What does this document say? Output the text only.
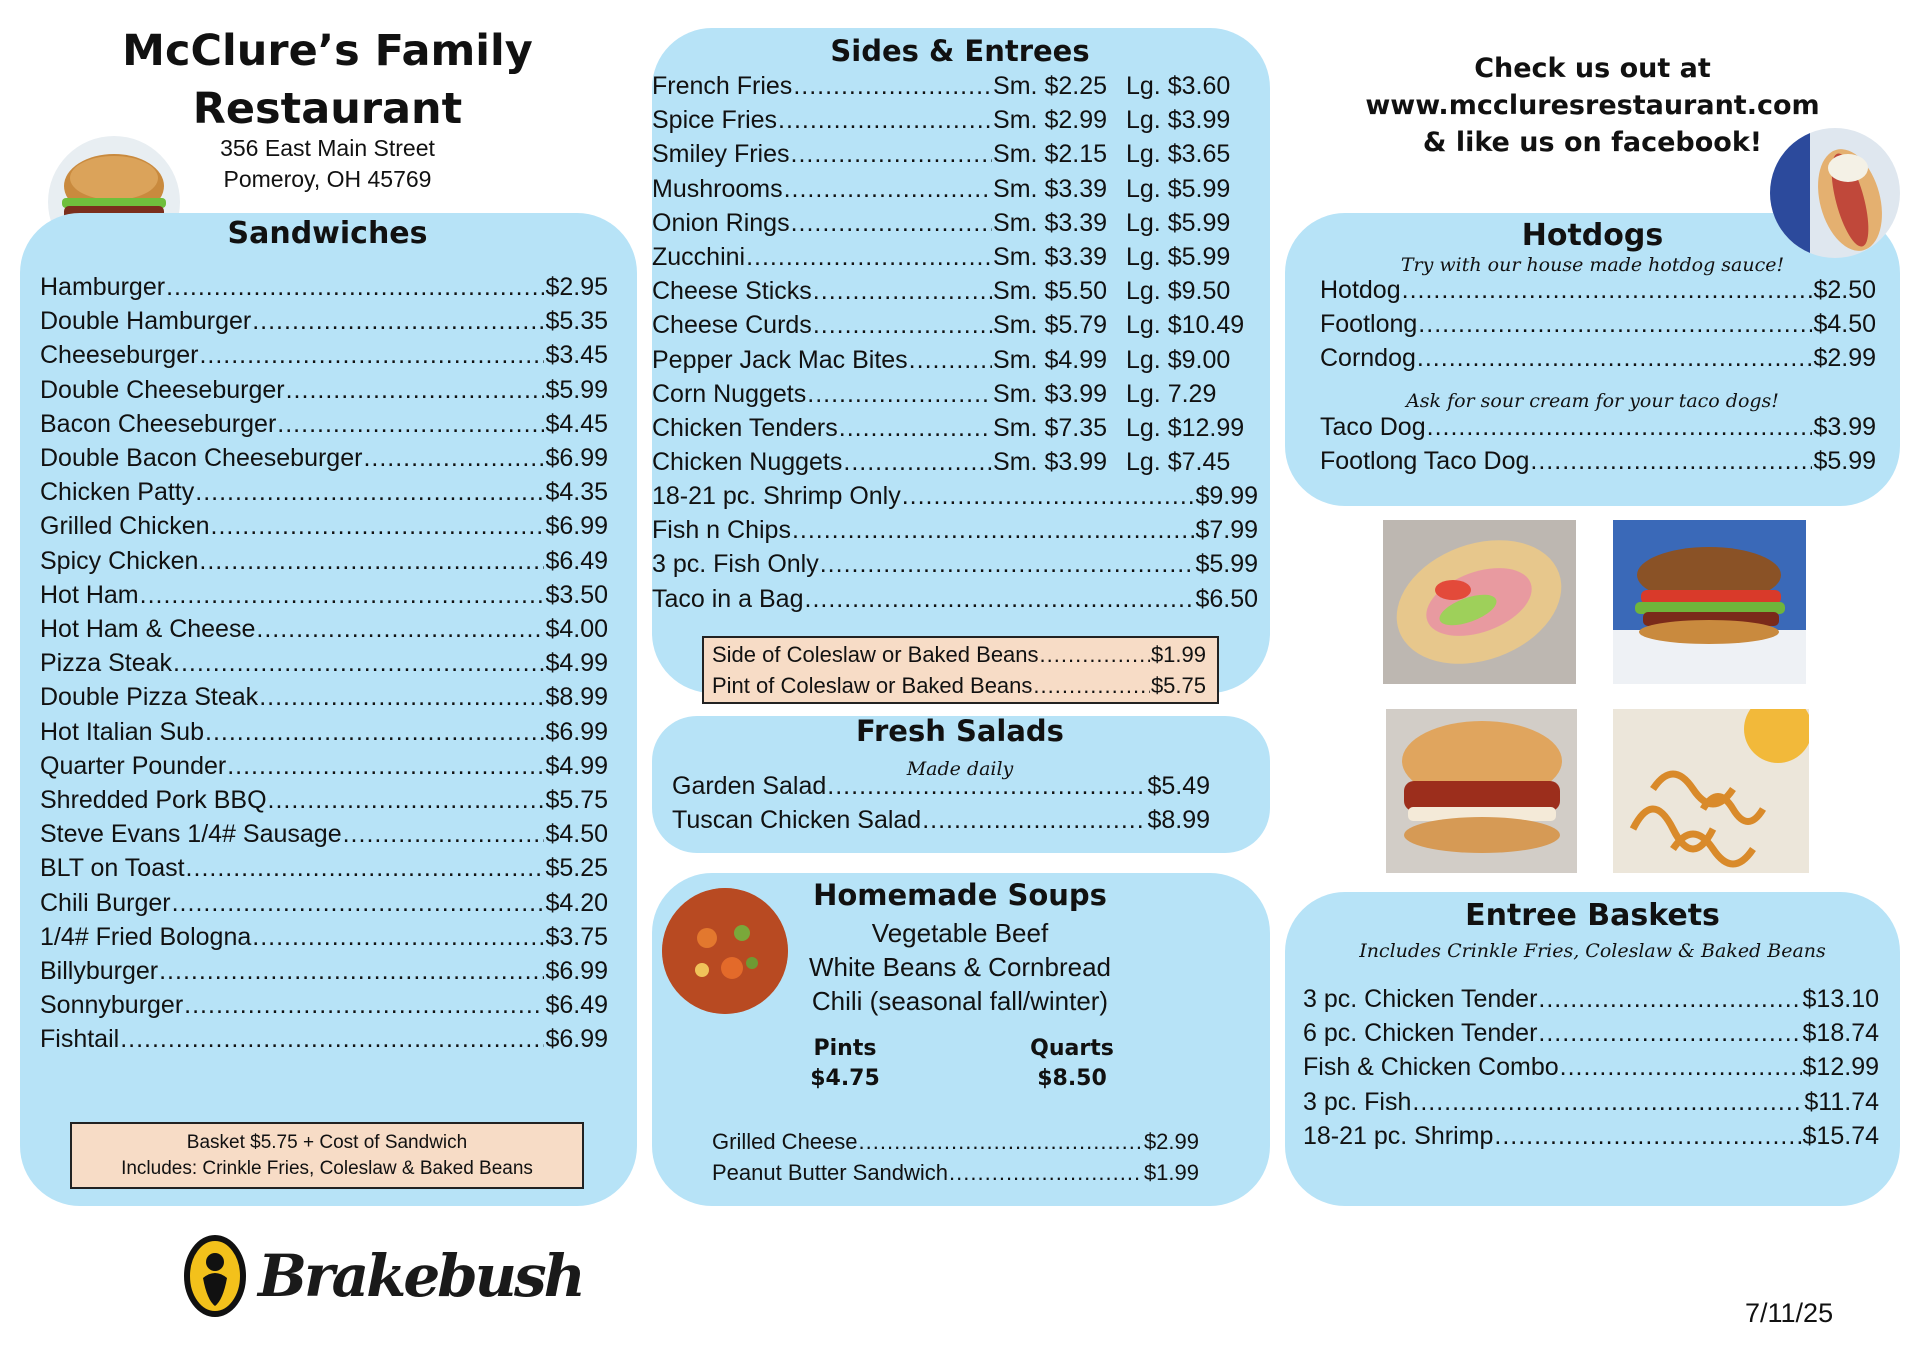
McClure’s Family
Restaurant
356 East Main Street
Pomeroy, OH 45769
Check us out at
www.mccluresrestaurant.com
& like us on facebook!
Sandwiches
Hamburger .....	$2.95
Double Hamburger .....	$5.35
Cheeseburger .....	$3.45
Double Cheeseburger .....	$5.99
Bacon Cheeseburger .....	$4.45
Double Bacon Cheeseburger .....	$6.99
Chicken Patty .....	$4.35
Grilled Chicken .....	$6.99
Spicy Chicken .....	$6.49
Hot Ham .....	$3.50
Hot Ham & Cheese .....	$4.00
Pizza Steak .....	$4.99
Double Pizza Steak .....	$8.99
Hot Italian Sub .....	$6.99
Quarter Pounder .....	$4.99
Shredded Pork BBQ .....	$5.75
Steve Evans 1/4# Sausage .....	$4.50
BLT on Toast .....	$5.25
Chili Burger .....	$4.20
1/4# Fried Bologna .....	$3.75
Billyburger .....	$6.99
Sonnyburger .....	$6.49
Fishtail .....	$6.99
Basket $5.75 + Cost of Sandwich
Includes: Crinkle Fries, Coleslaw & Baked Beans
Sides & Entrees
French Fries .....	Sm. $2.25 Lg. $3.60
Spice Fries .....	Sm. $2.99 Lg. $3.99
Smiley Fries .....	Sm. $2.15 Lg. $3.65
Mushrooms .....	Sm. $3.39 Lg. $5.99
Onion Rings .....	Sm. $3.39 Lg. $5.99
Zucchini .....	Sm. $3.39 Lg. $5.99
Cheese Sticks .....	Sm. $5.50 Lg. $9.50
Cheese Curds .....	Sm. $5.79 Lg. $10.49
Pepper Jack Mac Bites .....	Sm. $4.99 Lg. $9.00
Corn Nuggets .....	Sm. $3.99 Lg. 7.29
Chicken Tenders .....	Sm. $7.35 Lg. $12.99
Chicken Nuggets .....	Sm. $3.99 Lg. $7.45
18-21 pc. Shrimp Only .....	$9.99
Fish n Chips .....	$7.99
3 pc. Fish Only .....	$5.99
Taco in a Bag .....	$6.50
Side of Coleslaw or Baked Beans .....	$1.99
Pint of Coleslaw or Baked Beans .....	$5.75
Fresh Salads
Made daily
Garden Salad .....	$5.49
Tuscan Chicken Salad .....	$8.99
Homemade Soups
Vegetable Beef
White Beans & Cornbread
Chili (seasonal fall/winter)
Pints
$4.75
Quarts
$8.50
Grilled Cheese .....	$2.99
Peanut Butter Sandwich .....	$1.99
Hotdogs
Try with our house made hotdog sauce!
Ask for sour cream for your taco dogs!
Hotdog .....	$2.50
Footlong .....	$4.50
Corndog .....	$2.99
Taco Dog .....	$3.99
Footlong Taco Dog .....	$5.99
Entree Baskets
Includes Crinkle Fries, Coleslaw & Baked Beans
3 pc. Chicken Tender .....	$13.10
6 pc. Chicken Tender .....	$18.74
Fish & Chicken Combo .....	$12.99
3 pc. Fish .....	$11.74
18-21 pc. Shrimp .....	$15.74
Brakebush
7/11/25
